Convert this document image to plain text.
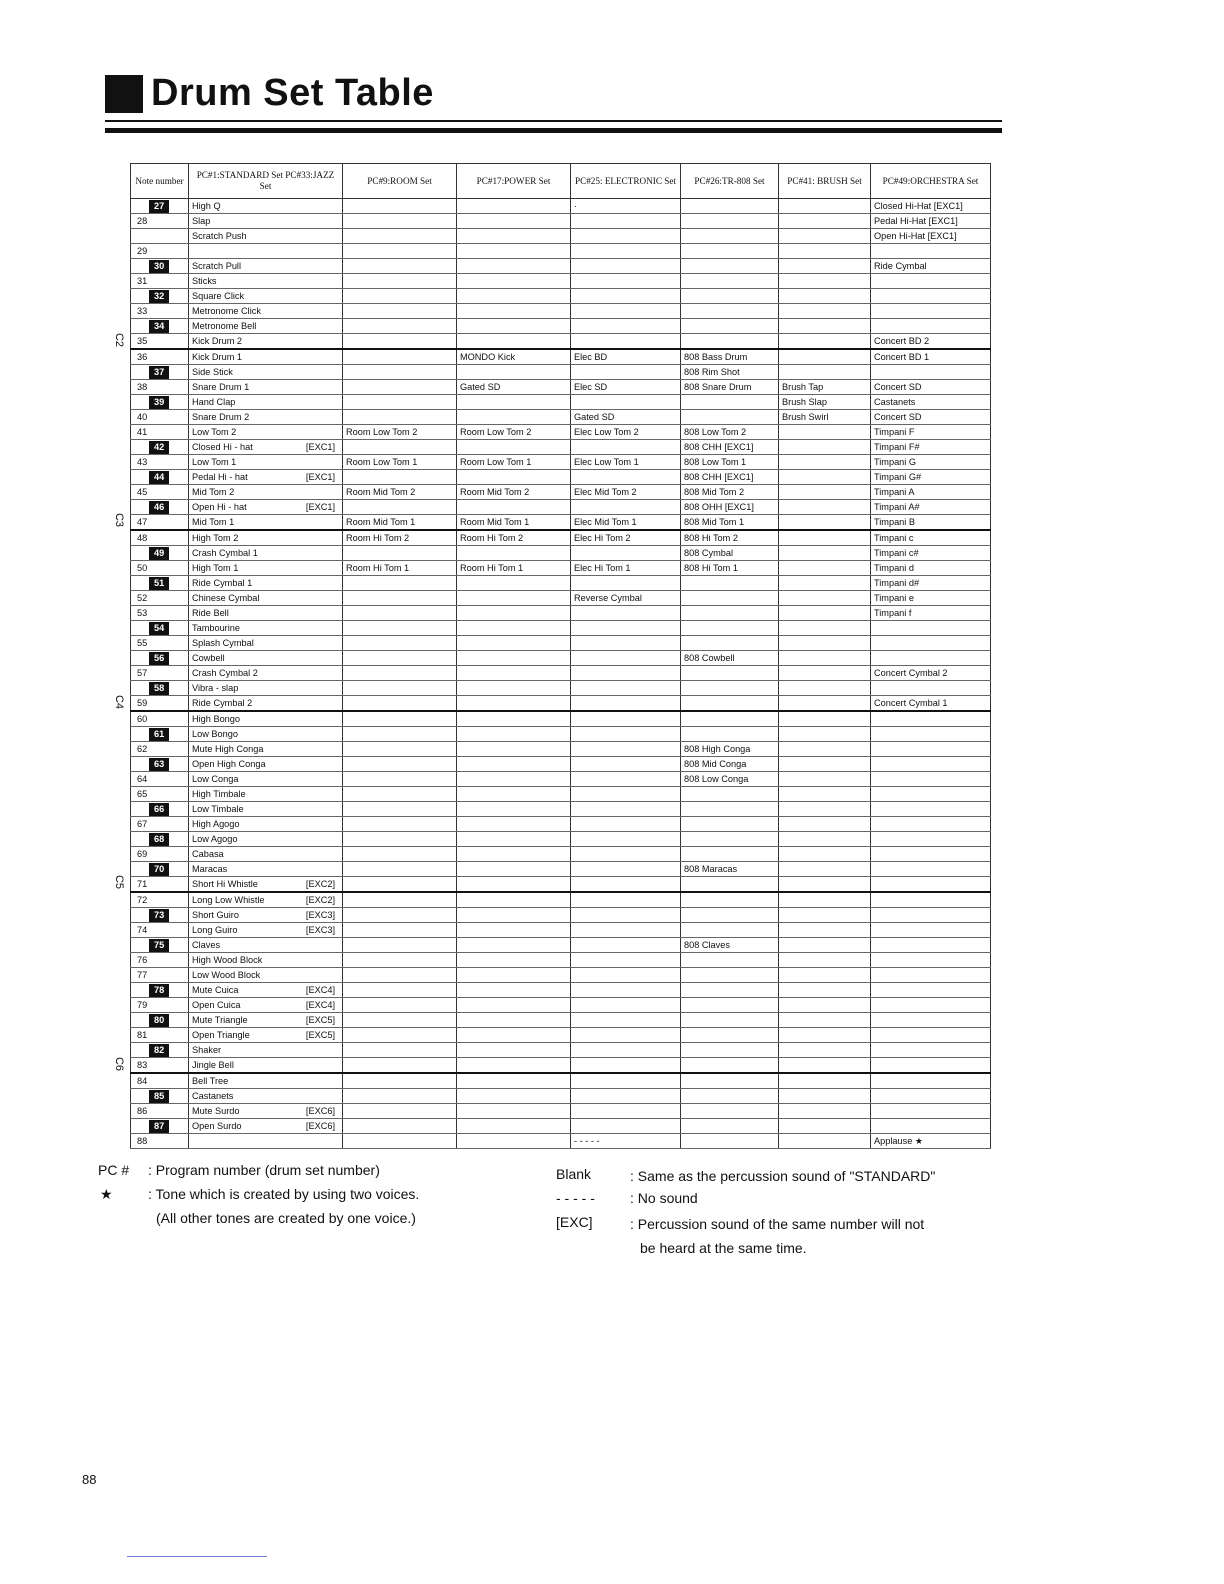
Drum Set Table
C2
C3
C4
C5
C6
Note number	PC#1:STANDARD Set PC#33:JAZZ Set	PC#9:ROOM Set	PC#17:POWER Set	PC#25: ELECTRONIC Set	PC#26:TR-808 Set	PC#41: BRUSH Set	PC#49:ORCHESTRA Set
27	High Q			·			Closed Hi-Hat [EXC1]
28	Slap						Pedal Hi-Hat [EXC1]
	Scratch Push						Open Hi-Hat [EXC1]
29	

30	Scratch Pull						Ride Cymbal
31	Sticks

32	Square Click

33	Metronome Click

34	Metronome Bell

35	Kick Drum 2						Concert BD 2
36	Kick Drum 1		MONDO Kick	Elec BD	808 Bass Drum		Concert BD 1
37	Side Stick				808 Rim Shot		
38	Snare Drum 1		Gated SD	Elec SD	808 Snare Drum	Brush Tap	Concert SD
39	Hand Clap					Brush Slap	Castanets
40	Snare Drum 2			Gated SD		Brush Swirl	Concert SD
41	Low Tom 2	Room Low Tom 2	Room Low Tom 2	Elec Low Tom 2	808 Low Tom 2		Timpani F
42	Closed Hi - hat [EXC1]				808 CHH [EXC1]		Timpani F#
43	Low Tom 1	Room Low Tom 1	Room Low Tom 1	Elec Low Tom 1	808 Low Tom 1		Timpani G
44	Pedal Hi - hat [EXC1]				808 CHH [EXC1]		Timpani G#
45	Mid Tom 2	Room Mid Tom 2	Room Mid Tom 2	Elec Mid Tom 2	808 Mid Tom 2		Timpani A
46	Open Hi - hat [EXC1]				808 OHH [EXC1]		Timpani A#
47	Mid Tom 1	Room Mid Tom 1	Room Mid Tom 1	Elec Mid Tom 1	808 Mid Tom 1		Timpani B
48	High Tom 2	Room Hi Tom 2	Room Hi Tom 2	Elec Hi Tom 2	808 Hi Tom 2		Timpani c
49	Crash Cymbal 1				808 Cymbal		Timpani c#
50	High Tom 1	Room Hi Tom 1	Room Hi Tom 1	Elec Hi Tom 1	808 Hi Tom 1		Timpani d
51	Ride Cymbal 1						Timpani d#
52	Chinese Cymbal			Reverse Cymbal			Timpani e
53	Ride Bell						Timpani f
54	Tambourine

55	Splash Cymbal

56	Cowbell				808 Cowbell		
57	Crash Cymbal 2						Concert Cymbal 2
58	Vibra - slap

59	Ride Cymbal 2						Concert Cymbal 1
60	High Bongo

61	Low Bongo

62	Mute High Conga				808 High Conga		
63	Open High Conga				808 Mid Conga		
64	Low Conga				808 Low Conga		
65	High Timbale

66	Low Timbale

67	High Agogo

68	Low Agogo

69	Cabasa

70	Maracas				808 Maracas		
71	Short Hi Whistle [EXC2]						

72	Long Low Whistle [EXC2]						

73	Short Guiro [EXC3]						

74	Long Guiro [EXC3]						

75	Claves				808 Claves		
76	High Wood Block

77	Low Wood Block

78	Mute Cuica [EXC4]						

79	Open Cuica [EXC4]						

80	Mute Triangle [EXC5]						

81	Open Triangle [EXC5]						

82	Shaker

83	Jingle Bell

84	Bell Tree

85	Castanets

86	Mute Surdo [EXC6]						

87	Open Surdo [EXC6]						

88				- - - - -			Applause ★
PC # : Program number (drum set number)
★	: Tone which is created by using two voices.
(All other tones are created by one voice.)
Blank	: Same as the percussion sound of "STANDARD"
- - - - -	: No sound
[EXC]	: Percussion sound of the same number will not
be heard at the same time.
88
